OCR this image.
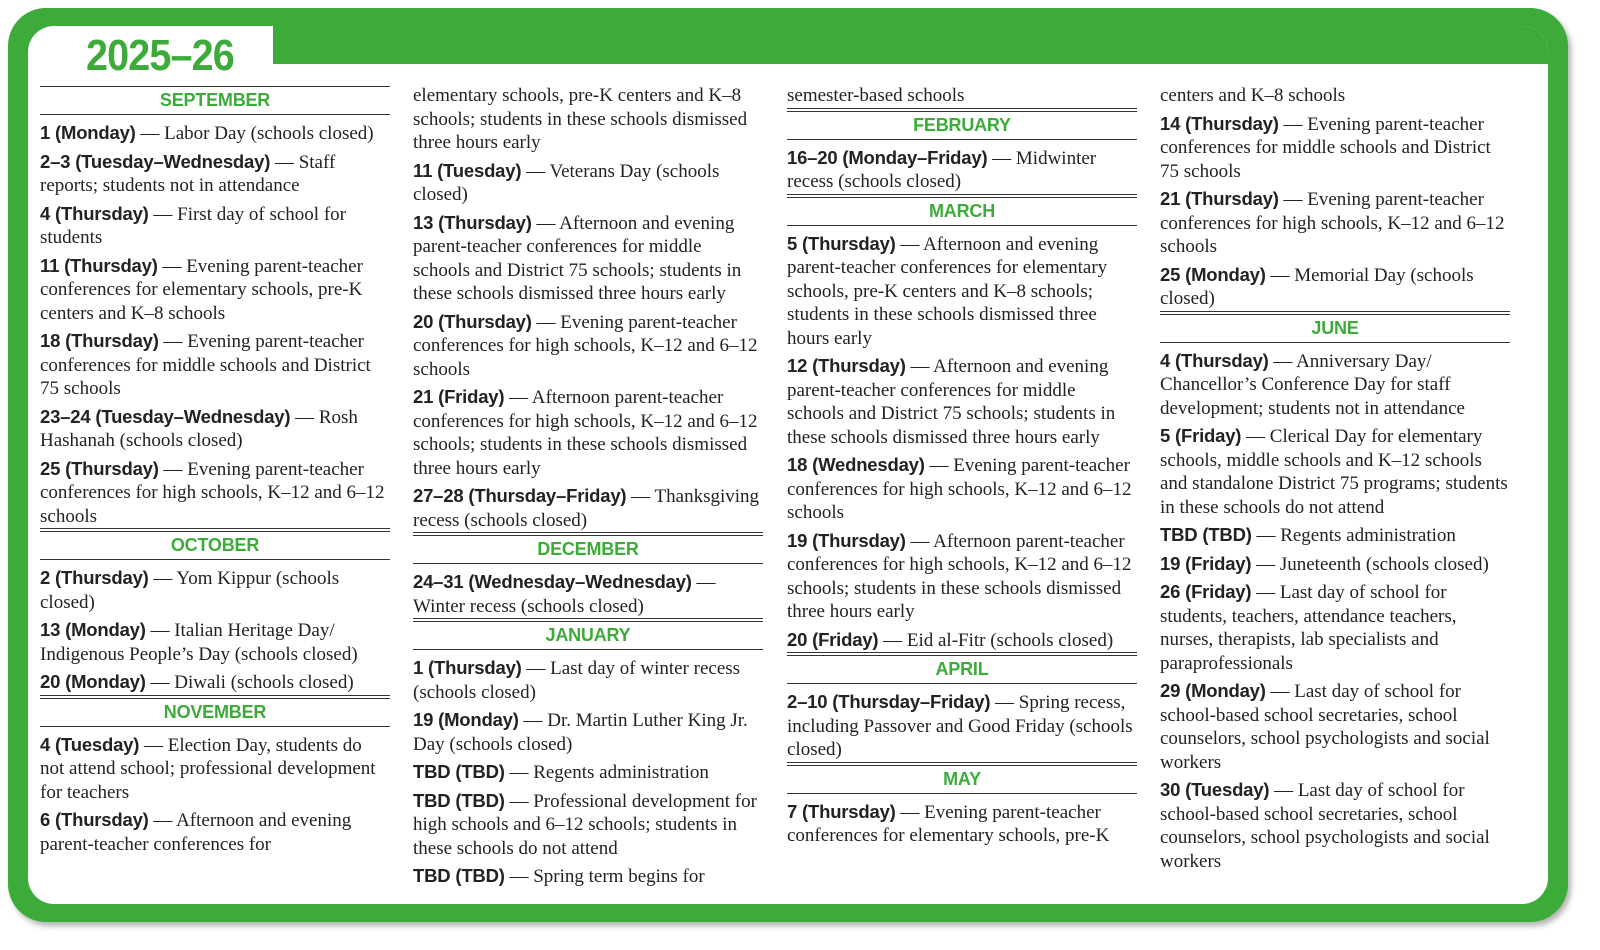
2025–26
SEPTEMBER
1 (Monday) — Labor Day (schools closed)
2–3 (Tuesday–Wednesday) — Staff reports; students not in attendance
4 (Thursday) — First day of school for students
11 (Thursday) — Evening parent-teacher conferences for elementary schools, pre-K centers and K–8 schools
18 (Thursday) — Evening parent-teacher conferences for middle schools and District 75 schools
23–24 (Tuesday–Wednesday) — Rosh Hashanah (schools closed)
25 (Thursday) — Evening parent-teacher conferences for high schools, K–12 and 6–12 schools
OCTOBER
2 (Thursday) — Yom Kippur (schools closed)
13 (Monday) — Italian Heritage Day/ Indigenous People’s Day (schools closed)
20 (Monday) — Diwali (schools closed)
NOVEMBER
4 (Tuesday) — Election Day, students do not attend school; professional development for teachers
6 (Thursday) — Afternoon and evening parent-teacher conferences for
elementary schools, pre-K centers and K–8 schools; students in these schools dismissed three hours early
11 (Tuesday) — Veterans Day (schools closed)
13 (Thursday) — Afternoon and evening parent-teacher conferences for middle schools and District 75 schools; students in these schools dismissed three hours early
20 (Thursday) — Evening parent-teacher conferences for high schools, K–12 and 6–12 schools
21 (Friday) — Afternoon parent-teacher conferences for high schools, K–12 and 6–12 schools; students in these schools dismissed three hours early
27–28 (Thursday–Friday) — Thanksgiving recess (schools closed)
DECEMBER
24–31 (Wednesday–Wednesday) — Winter recess (schools closed)
JANUARY
1 (Thursday) — Last day of winter recess (schools closed)
19 (Monday) — Dr. Martin Luther King Jr. Day (schools closed)
TBD (TBD) — Regents administration
TBD (TBD) — Professional development for high schools and 6–12 schools; students in these schools do not attend
TBD (TBD) — Spring term begins for
semester-based schools
FEBRUARY
16–20 (Monday–Friday) — Midwinter recess (schools closed)
MARCH
5 (Thursday) — Afternoon and evening parent-teacher conferences for elementary schools, pre-K centers and K–8 schools; students in these schools dismissed three hours early
12 (Thursday) — Afternoon and evening parent-teacher conferences for middle schools and District 75 schools; students in these schools dismissed three hours early
18 (Wednesday) — Evening parent-teacher conferences for high schools, K–12 and 6–12 schools
19 (Thursday) — Afternoon parent-teacher conferences for high schools, K–12 and 6–12 schools; students in these schools dismissed three hours early
20 (Friday) — Eid al-Fitr (schools closed)
APRIL
2–10 (Thursday–Friday) — Spring recess, including Passover and Good Friday (schools closed)
MAY
7 (Thursday) — Evening parent-teacher conferences for elementary schools, pre-K
centers and K–8 schools
14 (Thursday) — Evening parent-teacher conferences for middle schools and District 75 schools
21 (Thursday) — Evening parent-teacher conferences for high schools, K–12 and 6–12 schools
25 (Monday) — Memorial Day (schools closed)
JUNE
4 (Thursday) — Anniversary Day/ Chancellor’s Conference Day for staff development; students not in attendance
5 (Friday) — Clerical Day for elementary schools, middle schools and K–12 schools and standalone District 75 programs; students in these schools do not attend
TBD (TBD) — Regents administration
19 (Friday) — Juneteenth (schools closed)
26 (Friday) — Last day of school for students, teachers, attendance teachers, nurses, therapists, lab specialists and paraprofessionals
29 (Monday) — Last day of school for school-based school secretaries, school counselors, school psychologists and social workers
30 (Tuesday) — Last day of school for school-based school secretaries, school counselors, school psychologists and social workers
